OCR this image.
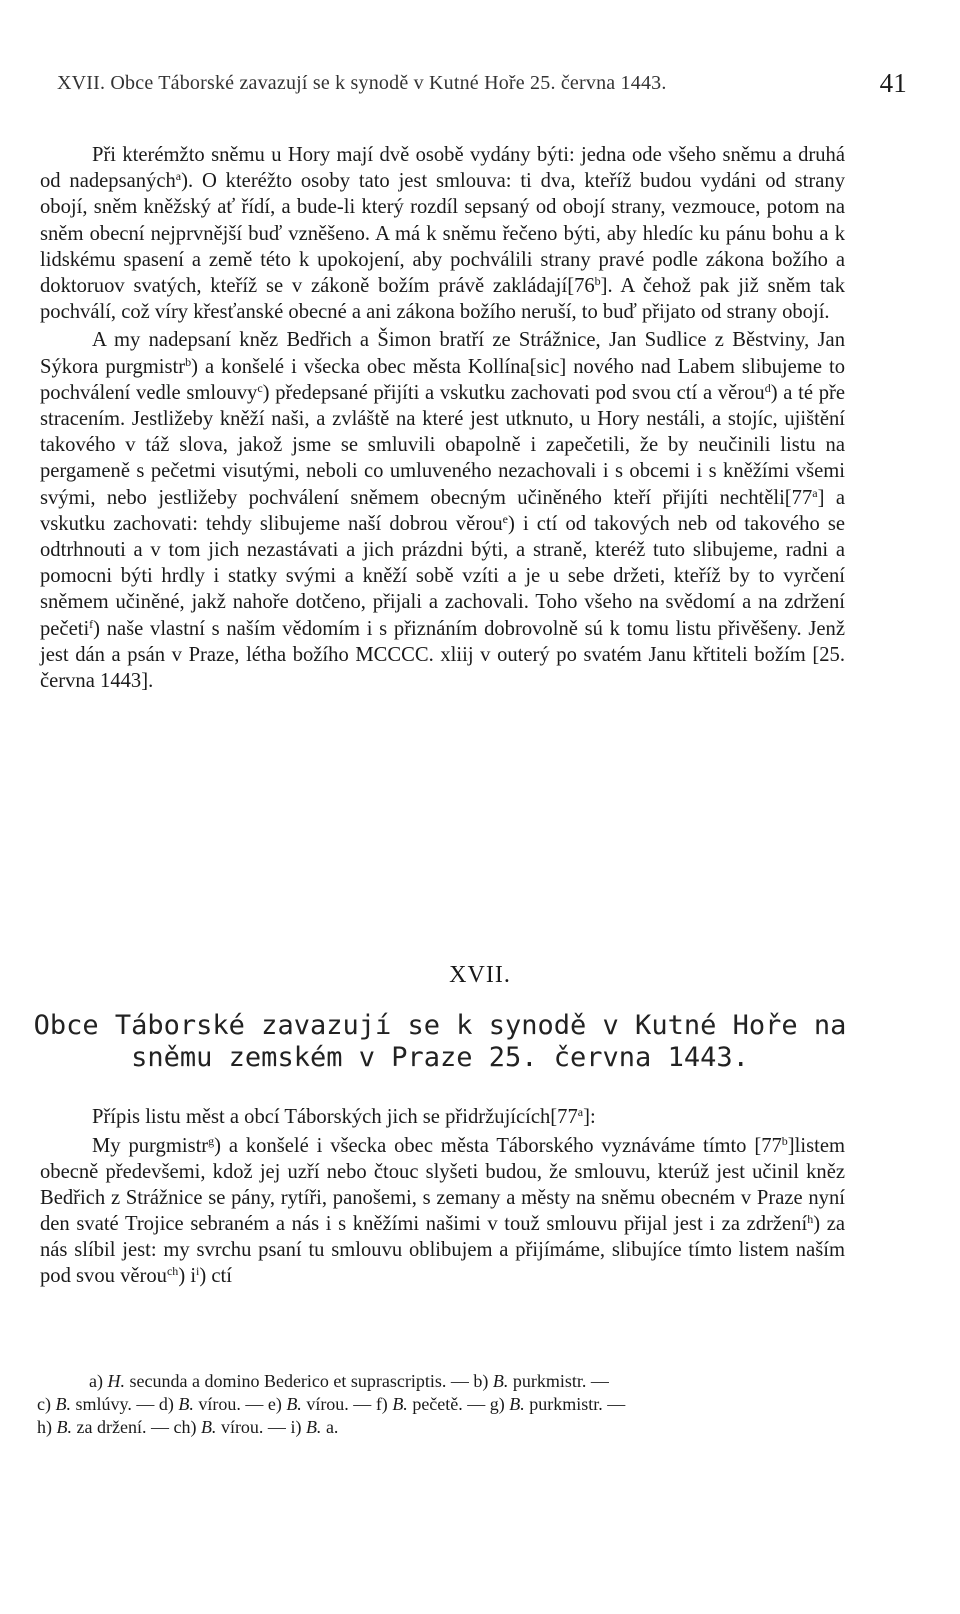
XVII. Obce Táborské zavazují se k synodě v Kutné Hoře 25. června 1443.	41

Při kterémžto sněmu u Hory mají dvě osobě vydány býti: jedna ode všeho sněmu a druhá od nadepsaných$^a$). O kteréžto osoby tato jest smlouva: ti dva, kteříž budou vydáni od strany obojí, sněm kněžský ať řídí, a bude-li který rozdíl sepsaný od obojí strany, vezmouce, potom na sněm obecní nejprvnější buď vzněšeno. A má k sněmu řečeno býti, aby hledíc ku pánu bohu a k lidskému spasení a země této k upokojení, aby pochválili strany pravé podle zákona božího a doktoruov svatých, kteříž se v zákoně božím právě zakládají[76$^b$]. A čehož pak již sněm tak pochválí, což víry křesťanské obecné a ani zákona božího neruší, to buď přijato od strany obojí.

A my nadepsaní kněz Bedřich a Šimon bratří ze Strážnice, Jan Sudlice z Běstviny, Jan Sýkora purgmistr$^b$) a konšelé i všecka obec města Kollína[sic] nového nad Labem slibujeme to pochválení vedle smlouvy$^c$) předepsané přijíti a vskutku zachovati pod svou ctí a věrou$^d$) a té pře stracením. Jestližeby kněží naši, a zvláště na které jest utknuto, u Hory nestáli, a stojíc, ujištění takového v táž slova, jakož jsme se smluvili obapolně i zapečetili, že by neučinili listu na pergameně s pečetmi visutými, neboli co umluveného nezachovali i s obcemi i s kněžími všemi svými, nebo jestližeby pochválení sněmem obecným učiněného kteří přijíti nechtěli[77$^a$] a vskutku zachovati: tehdy slibujeme naší dobrou věrou$^e$) i ctí od takových neb od takového se odtrhnouti a v tom jich nezastávati a jich prázdni býti, a straně, kteréž tuto slibujeme, radni a pomocni býti hrdly i statky svými a kněží sobě vzíti a je u sebe držeti, kteříž by to vyrčení sněmem učiněné, jakž nahoře dotčeno, přijali a zachovali. Toho všeho na svědomí a na zdržení pečeti$^f$) naše vlastní s naším vědomím i s přiznáním dobrovolně sú k tomu listu přivěšeny. Jenž jest dán a psán v Praze, létha božího MCCCC. xliij v outerý po svatém Janu křtiteli božím [25. června 1443].

XVII.
Obce Táborské zavazují se k synodě v Kutné Hoře na
sněmu zemském v Praze 25. června 1443.
Přípis listu měst a obcí Táborských jich se přidržujících[77$^a$]:

My purgmistr$^g$) a konšelé i všecka obec města Táborského vyznáváme tímto [77$^b$]listem obecně předevšemi, kdož jej uzří nebo čtouc slyšeti budou, že smlouvu, kterúž jest učinil kněz Bedřich z Strážnice se pány, rytíři, panošemi, s zemany a městy na sněmu obecném v Praze nyní den svaté Trojice sebraném a nás i s kněžími našimi v touž smlouvu přijal jest i za zdržení$^h$) za nás slíbil jest: my svrchu psaní tu smlouvu oblibujem a přijímáme, slibujíce tímto listem naším pod svou věrou$^{ch}$) $i^i$) ctí

a) H. secunda a domino Bederico et suprascriptis. — b) B. purkmistr. —
c) B. smlúvy. — d) B. vírou. — e) B. vírou. — f) B. pečetě. — g) B. purkmistr. —
h) B. za držení. — ch) B. vírou. — i) B. a.
